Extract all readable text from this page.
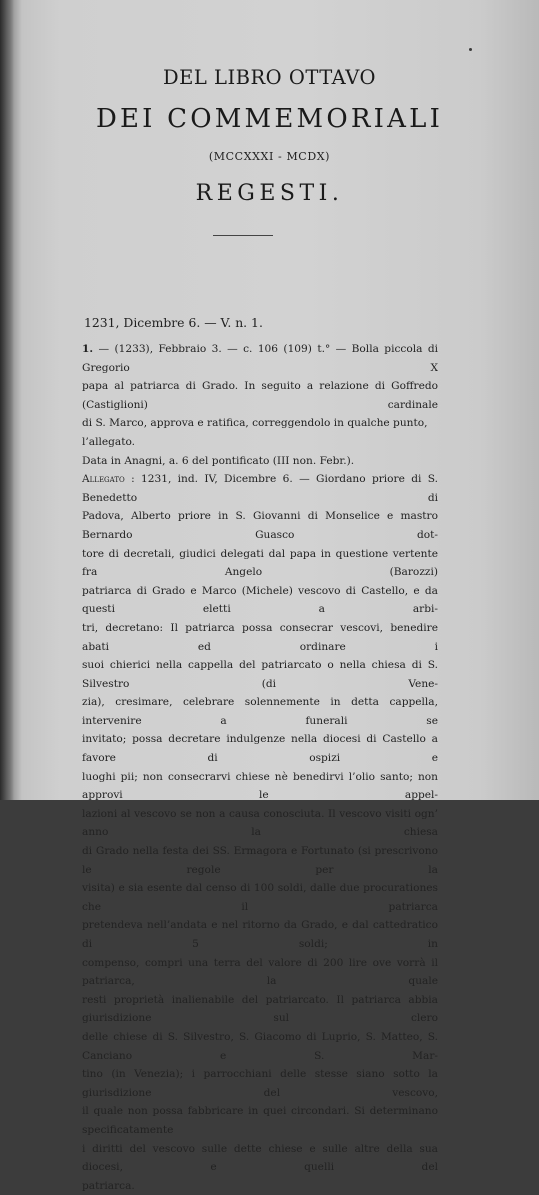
DEL LIBRO OTTAVO
DEI COMMEMORIALI
(MCCXXXI - MCDX)
REGESTI.
1231, Dicembre 6. — V. n. 1.

1. — (1233), Febbraio 3. — c. 106 (109) t.° — Bolla piccola di Gregorio X

papa al patriarca di Grado. In seguito a relazione di Goffredo (Castiglioni) cardinale

di S. Marco, approva e ratifica, correggendolo in qualche punto, l’allegato.

Data in Anagni, a. 6 del pontificato (III non. Febr.).

Allegato : 1231, ind. IV, Dicembre 6. — Giordano priore di S. Benedetto di

Padova, Alberto priore in S. Giovanni di Monselice e mastro Bernardo Guasco dot-

tore di decretali, giudici delegati dal papa in questione vertente fra Angelo (Barozzi)

patriarca di Grado e Marco (Michele) vescovo di Castello, e da questi eletti a arbi-

tri, decretano: Il patriarca possa consecrar vescovi, benedire abati ed ordinare i

suoi chierici nella cappella del patriarcato o nella chiesa di S. Silvestro (di Vene-

zia), cresimare, celebrare solennemente in detta cappella, intervenire a funerali se

invitato; possa decretare indulgenze nella diocesi di Castello a favore di ospizi e

luoghi pii; non consecrarvi chiese nè benedirvi l’olio santo; non approvi le appel-

lazioni al vescovo se non a causa conosciuta. Il vescovo visiti ogn’ anno la chiesa

di Grado nella festa dei SS. Ermagora e Fortunato (si prescrivono le regole per la

visita) e sia esente dal censo di 100 soldi, dalle due procurationes che il patriarca

pretendeva nell’andata e nel ritorno da Grado, e dal cattedratico di 5 soldi; in

compenso, compri una terra del valore di 200 lire ove vorrà il patriarca, la quale

resti proprietà inalienabile del patriarcato. Il patriarca abbia giurisdizione sul clero

delle chiese di S. Silvestro, S. Giacomo di Luprio, S. Matteo, S. Canciano e S. Mar-

tino (in Venezia); i parrocchiani delle stesse siano sotto la giurisdizione del vescovo,

il quale non possa fabbricare in quei circondari. Si determinano specificatamente

i diritti del vescovo sulle dette chiese e sulle altre della sua diocesi, e quelli del

patriarca.
